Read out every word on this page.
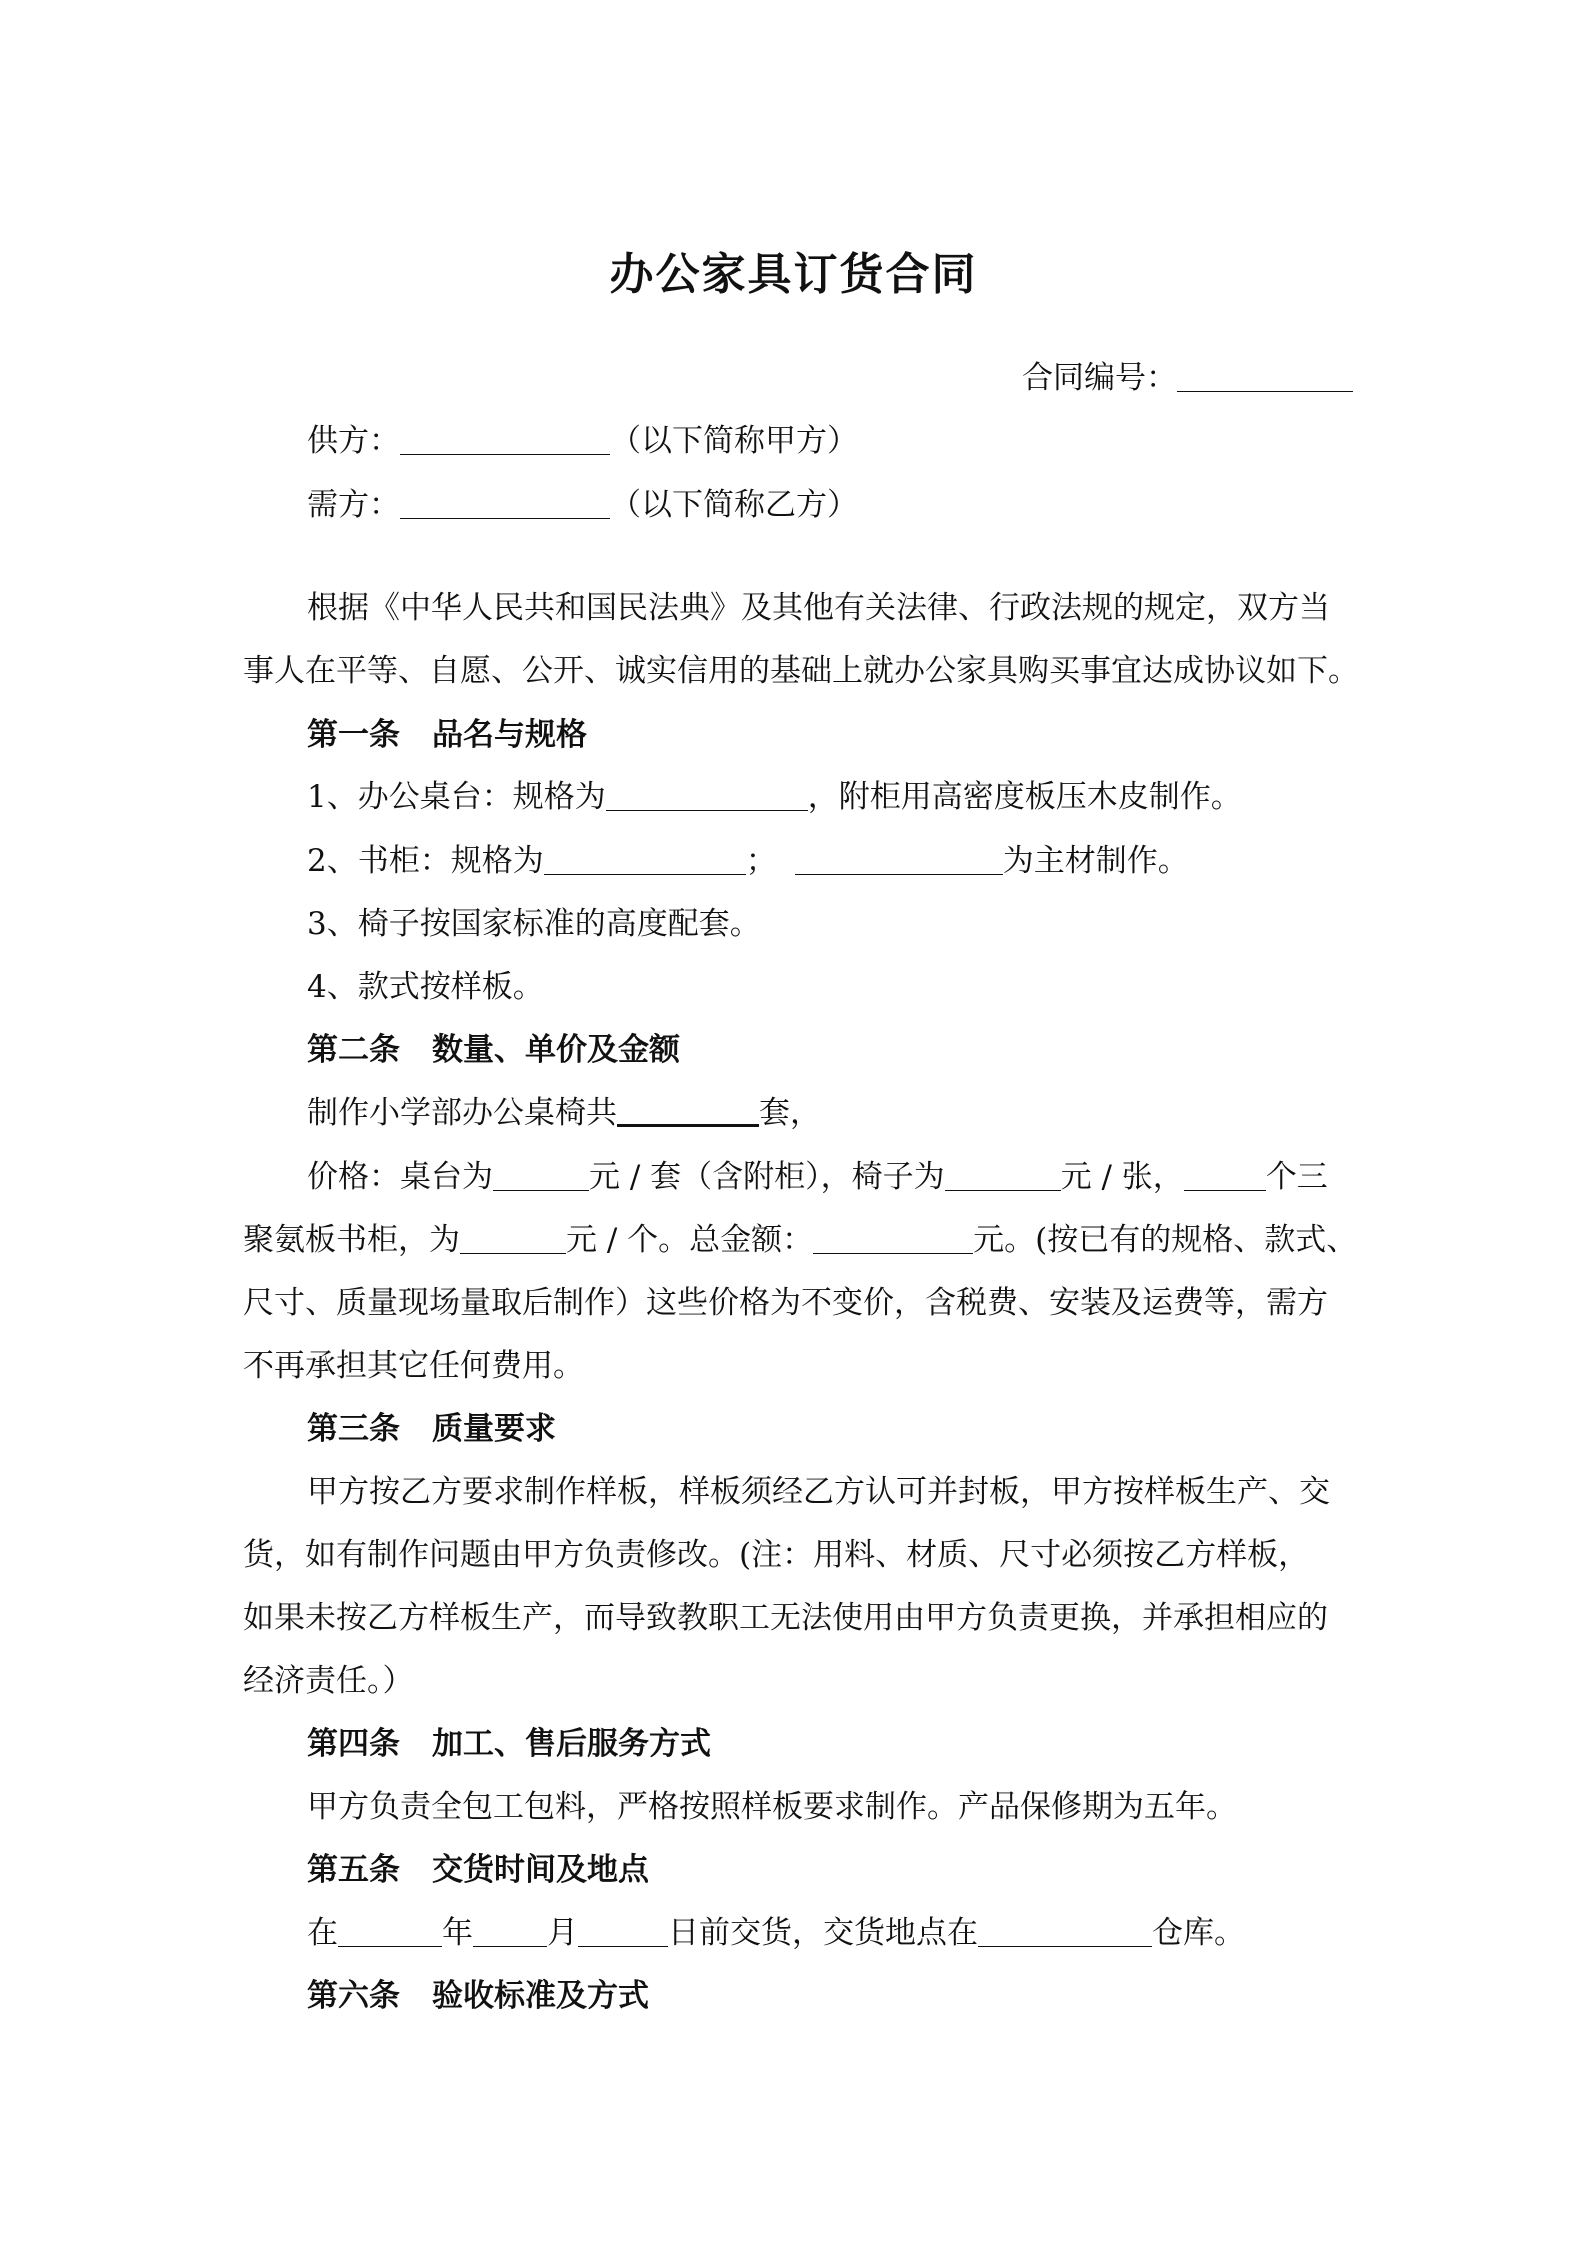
办公家具订货合同
合同编号：
供方：	（以下简称甲方）
需方：	（以下简称乙方）
根据《中华人民共和国民法典》及其他有关法律、行政法规的规定，双方当
事人在平等、自愿、公开、诚实信用的基础上就办公家具购买事宜达成协议如下。
第一条 品名与规格
1、办公桌台：规格为	，附柜用高密度板压木皮制作。
2、书柜：规格为	；	为主材制作。
3、椅子按国家标准的高度配套。
4、款式按样板。
第二条 数量、单价及金额
制作小学部办公桌椅共	套，
价格：桌台为	元 / 套（含附柜），椅子为	元 / 张，	个三
聚氨板书柜，为	元 / 个。总金额：	元。(按已有的规格、款式、
尺寸、质量现场量取后制作）这些价格为不变价，含税费、安装及运费等，需方
不再承担其它任何费用。
第三条 质量要求
甲方按乙方要求制作样板，样板须经乙方认可并封板，甲方按样板生产、交
货，如有制作问题由甲方负责修改。(注：用料、材质、尺寸必须按乙方样板，
如果未按乙方样板生产，而导致教职工无法使用由甲方负责更换，并承担相应的
经济责任。）
第四条 加工、售后服务方式
甲方负责全包工包料，严格按照样板要求制作。产品保修期为五年。
第五条 交货时间及地点
在	年 月	日前交货，交货地点在	仓库。
第六条 验收标准及方式
